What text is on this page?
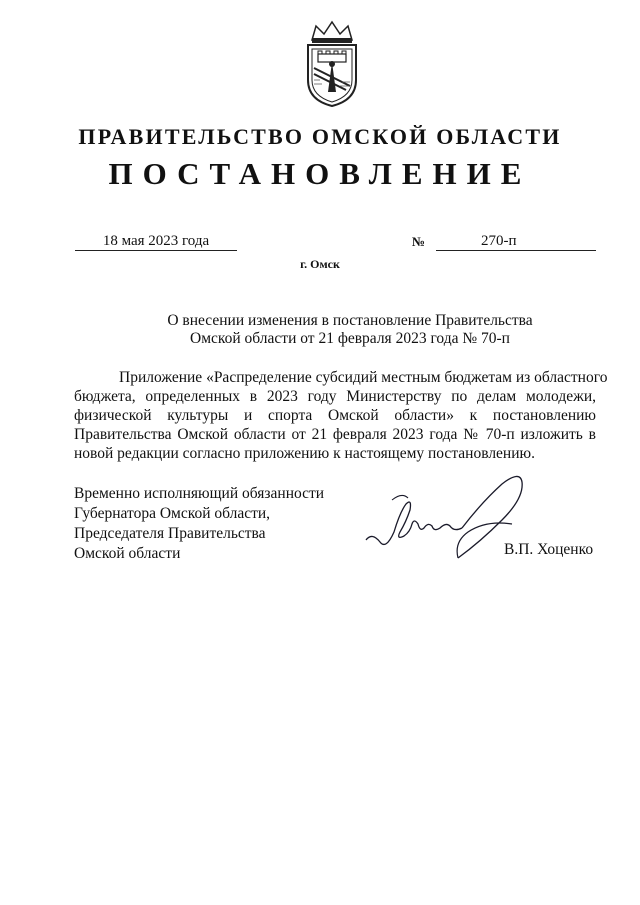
ПРАВИТЕЛЬСТВО ОМСКОЙ ОБЛАСТИ
ПОСТАНОВЛЕНИЕ
18 мая 2023 года	№	270-п
г. Омск
О внесении изменения в постановление Правительства
Омской области от 21 февраля 2023 года № 70-п
Приложение «Распределение субсидий местным бюджетам из областного
бюджета, определенных в 2023 году Министерству по делам молодежи,
физической культуры и спорта Омской области» к постановлению
Правительства Омской области от 21 февраля 2023 года № 70-п изложить в
новой редакции согласно приложению к настоящему постановлению.
Временно исполняющий обязанности
Губернатора Омской области,
Председателя Правительства
Омской области	В.П. Хоценко
